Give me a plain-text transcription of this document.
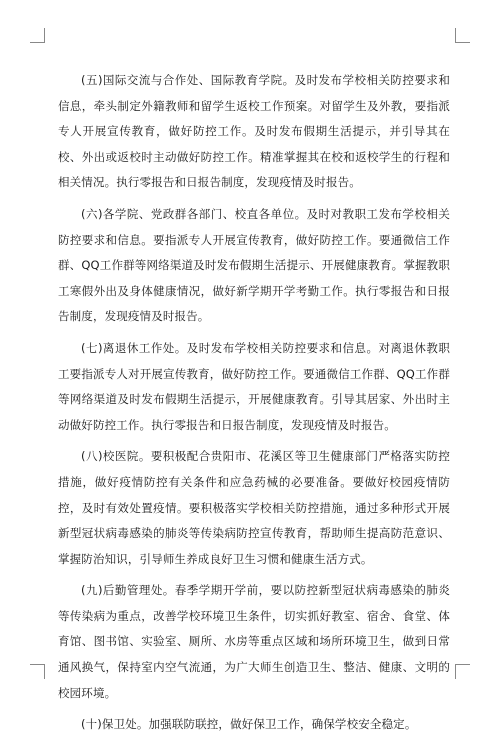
(五)国际交流与合作处、国际教育学院。及时发布学校相关防控要求和信息，牵头制定外籍教师和留学生返校工作预案。对留学生及外教，要指派专人开展宣传教育，做好防控工作。及时发布假期生活提示，并引导其在校、外出或返校时主动做好防控工作。精准掌握其在校和返校学生的行程和相关情况。执行零报告和日报告制度，发现疫情及时报告。

(六)各学院、党政群各部门、校直各单位。及时对教职工发布学校相关防控要求和信息。要指派专人开展宣传教育，做好防控工作。要通微信工作群、QQ工作群等网络渠道及时发布假期生活提示、开展健康教育。掌握教职工寒假外出及身体健康情况，做好新学期开学考勤工作。执行零报告和日报告制度，发现疫情及时报告。

(七)离退休工作处。及时发布学校相关防控要求和信息。对离退休教职工要指派专人对开展宣传教育，做好防控工作。要通微信工作群、QQ工作群等网络渠道及时发布假期生活提示，开展健康教育。引导其居家、外出时主动做好防控工作。执行零报告和日报告制度，发现疫情及时报告。

(八)校医院。要积极配合贵阳市、花溪区等卫生健康部门严格落实防控措施，做好疫情防控有关条件和应急药械的必要准备。要做好校园疫情防控，及时有效处置疫情。要积极落实学校相关防控措施，通过多种形式开展新型冠状病毒感染的肺炎等传染病防控宣传教育，帮助师生提高防范意识、掌握防治知识，引导师生养成良好卫生习惯和健康生活方式。

(九)后勤管理处。春季学期开学前，要以防控新型冠状病毒感染的肺炎等传染病为重点，改善学校环境卫生条件，切实抓好教室、宿舍、食堂、体育馆、图书馆、实验室、厕所、水房等重点区域和场所环境卫生，做到日常通风换气，保持室内空气流通，为广大师生创造卫生、整洁、健康、文明的校园环境。

(十)保卫处。加强联防联控，做好保卫工作，确保学校安全稳定。
